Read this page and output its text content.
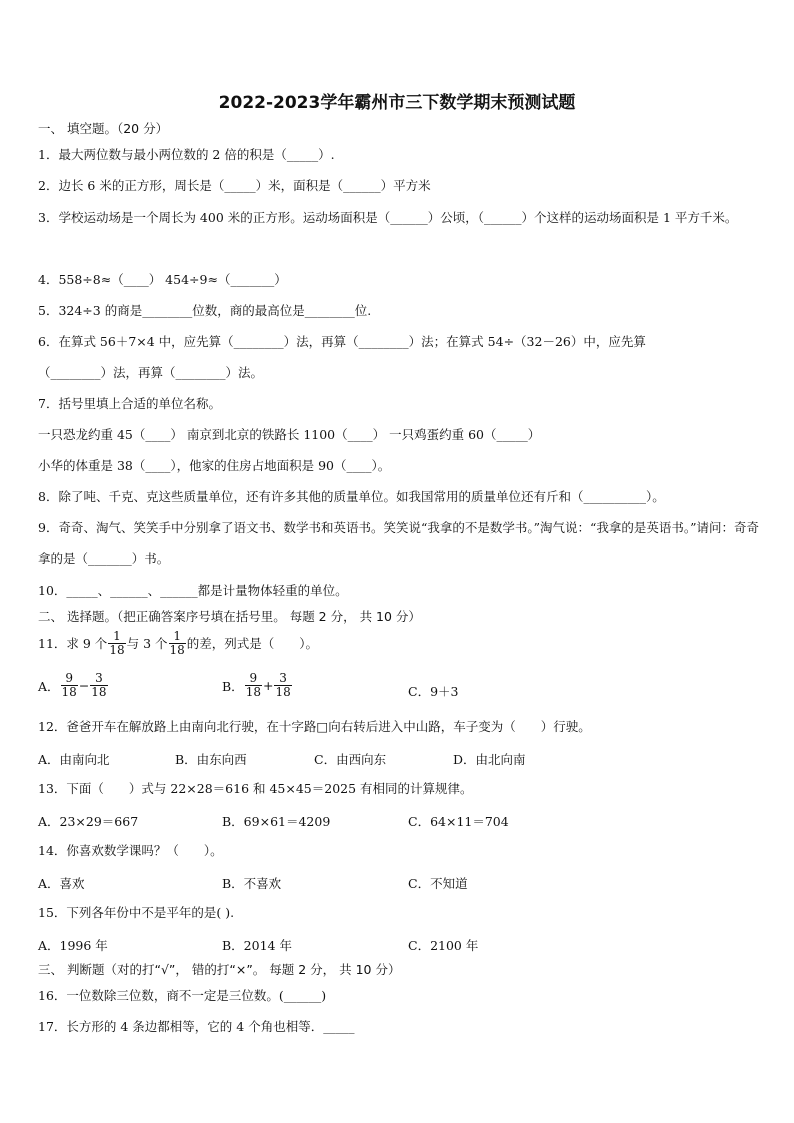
2022-2023学年霸州市三下数学期末预测试题
一、 填空题。（20 分）
1．最大两位数与最小两位数的 2 倍的积是（_____）.
2．边长 6 米的正方形，周长是（_____）米，面积是（______）平方米
3．学校运动场是一个周长为 400 米的正方形。运动场面积是（______）公顷，（______）个这样的运动场面积是 1 平方千米。
4．558÷8≈（____） 454÷9≈（_______）
5．324÷3 的商是________位数，商的最高位是________位.
6．在算式 56＋7×4 中，应先算（________）法，再算（________）法；在算式 54÷（32－26）中，应先算
（________）法，再算（________）法。
7．括号里填上合适的单位名称。
一只恐龙约重 45（____） 南京到北京的铁路长 1100（____） 一只鸡蛋约重 60（_____）
小华的体重是 38（____），他家的住房占地面积是 90（____）。
8．除了吨、千克、克这些质量单位，还有许多其他的质量单位。如我国常用的质量单位还有斤和（__________）。
9．奇奇、淘气、笑笑手中分别拿了语文书、数学书和英语书。笑笑说“我拿的不是数学书。”淘气说：“我拿的是英语书。”请问：奇奇拿的是（_______）书。
10．_____、______、______都是计量物体轻重的单位。
二、 选择题。（把正确答案序号填在括号里。 每题 2 分， 共 10 分）
11．求 9 个 $\frac{1}{18}$ 与 3 个 $\frac{1}{18}$ 的差，列式是（　　）。
A． $\frac{9}{18} - \frac{3}{18}$	B． $\frac{9}{18} + \frac{3}{18}$	C．9＋3
12．爸爸开车在解放路上由南向北行驶，在十字路□向右转后进入中山路，车子变为（　　）行驶。
A．由南向北	B．由东向西	C．由西向东	D．由北向南
13．下面（　　）式与 22×28＝616 和 45×45＝2025 有相同的计算规律。
A．23×29＝667	B．69×61＝4209	C．64×11＝704
14．你喜欢数学课吗？（　　）。
A．喜欢	B．不喜欢	C．不知道
15．下列各年份中不是平年的是( ).
A．1996 年	B．2014 年	C．2100 年
三、 判断题（对的打“√”， 错的打“×”。 每题 2 分， 共 10 分）
16．一位数除三位数，商不一定是三位数。(______)
17．长方形的 4 条边都相等，它的 4 个角也相等．_____
